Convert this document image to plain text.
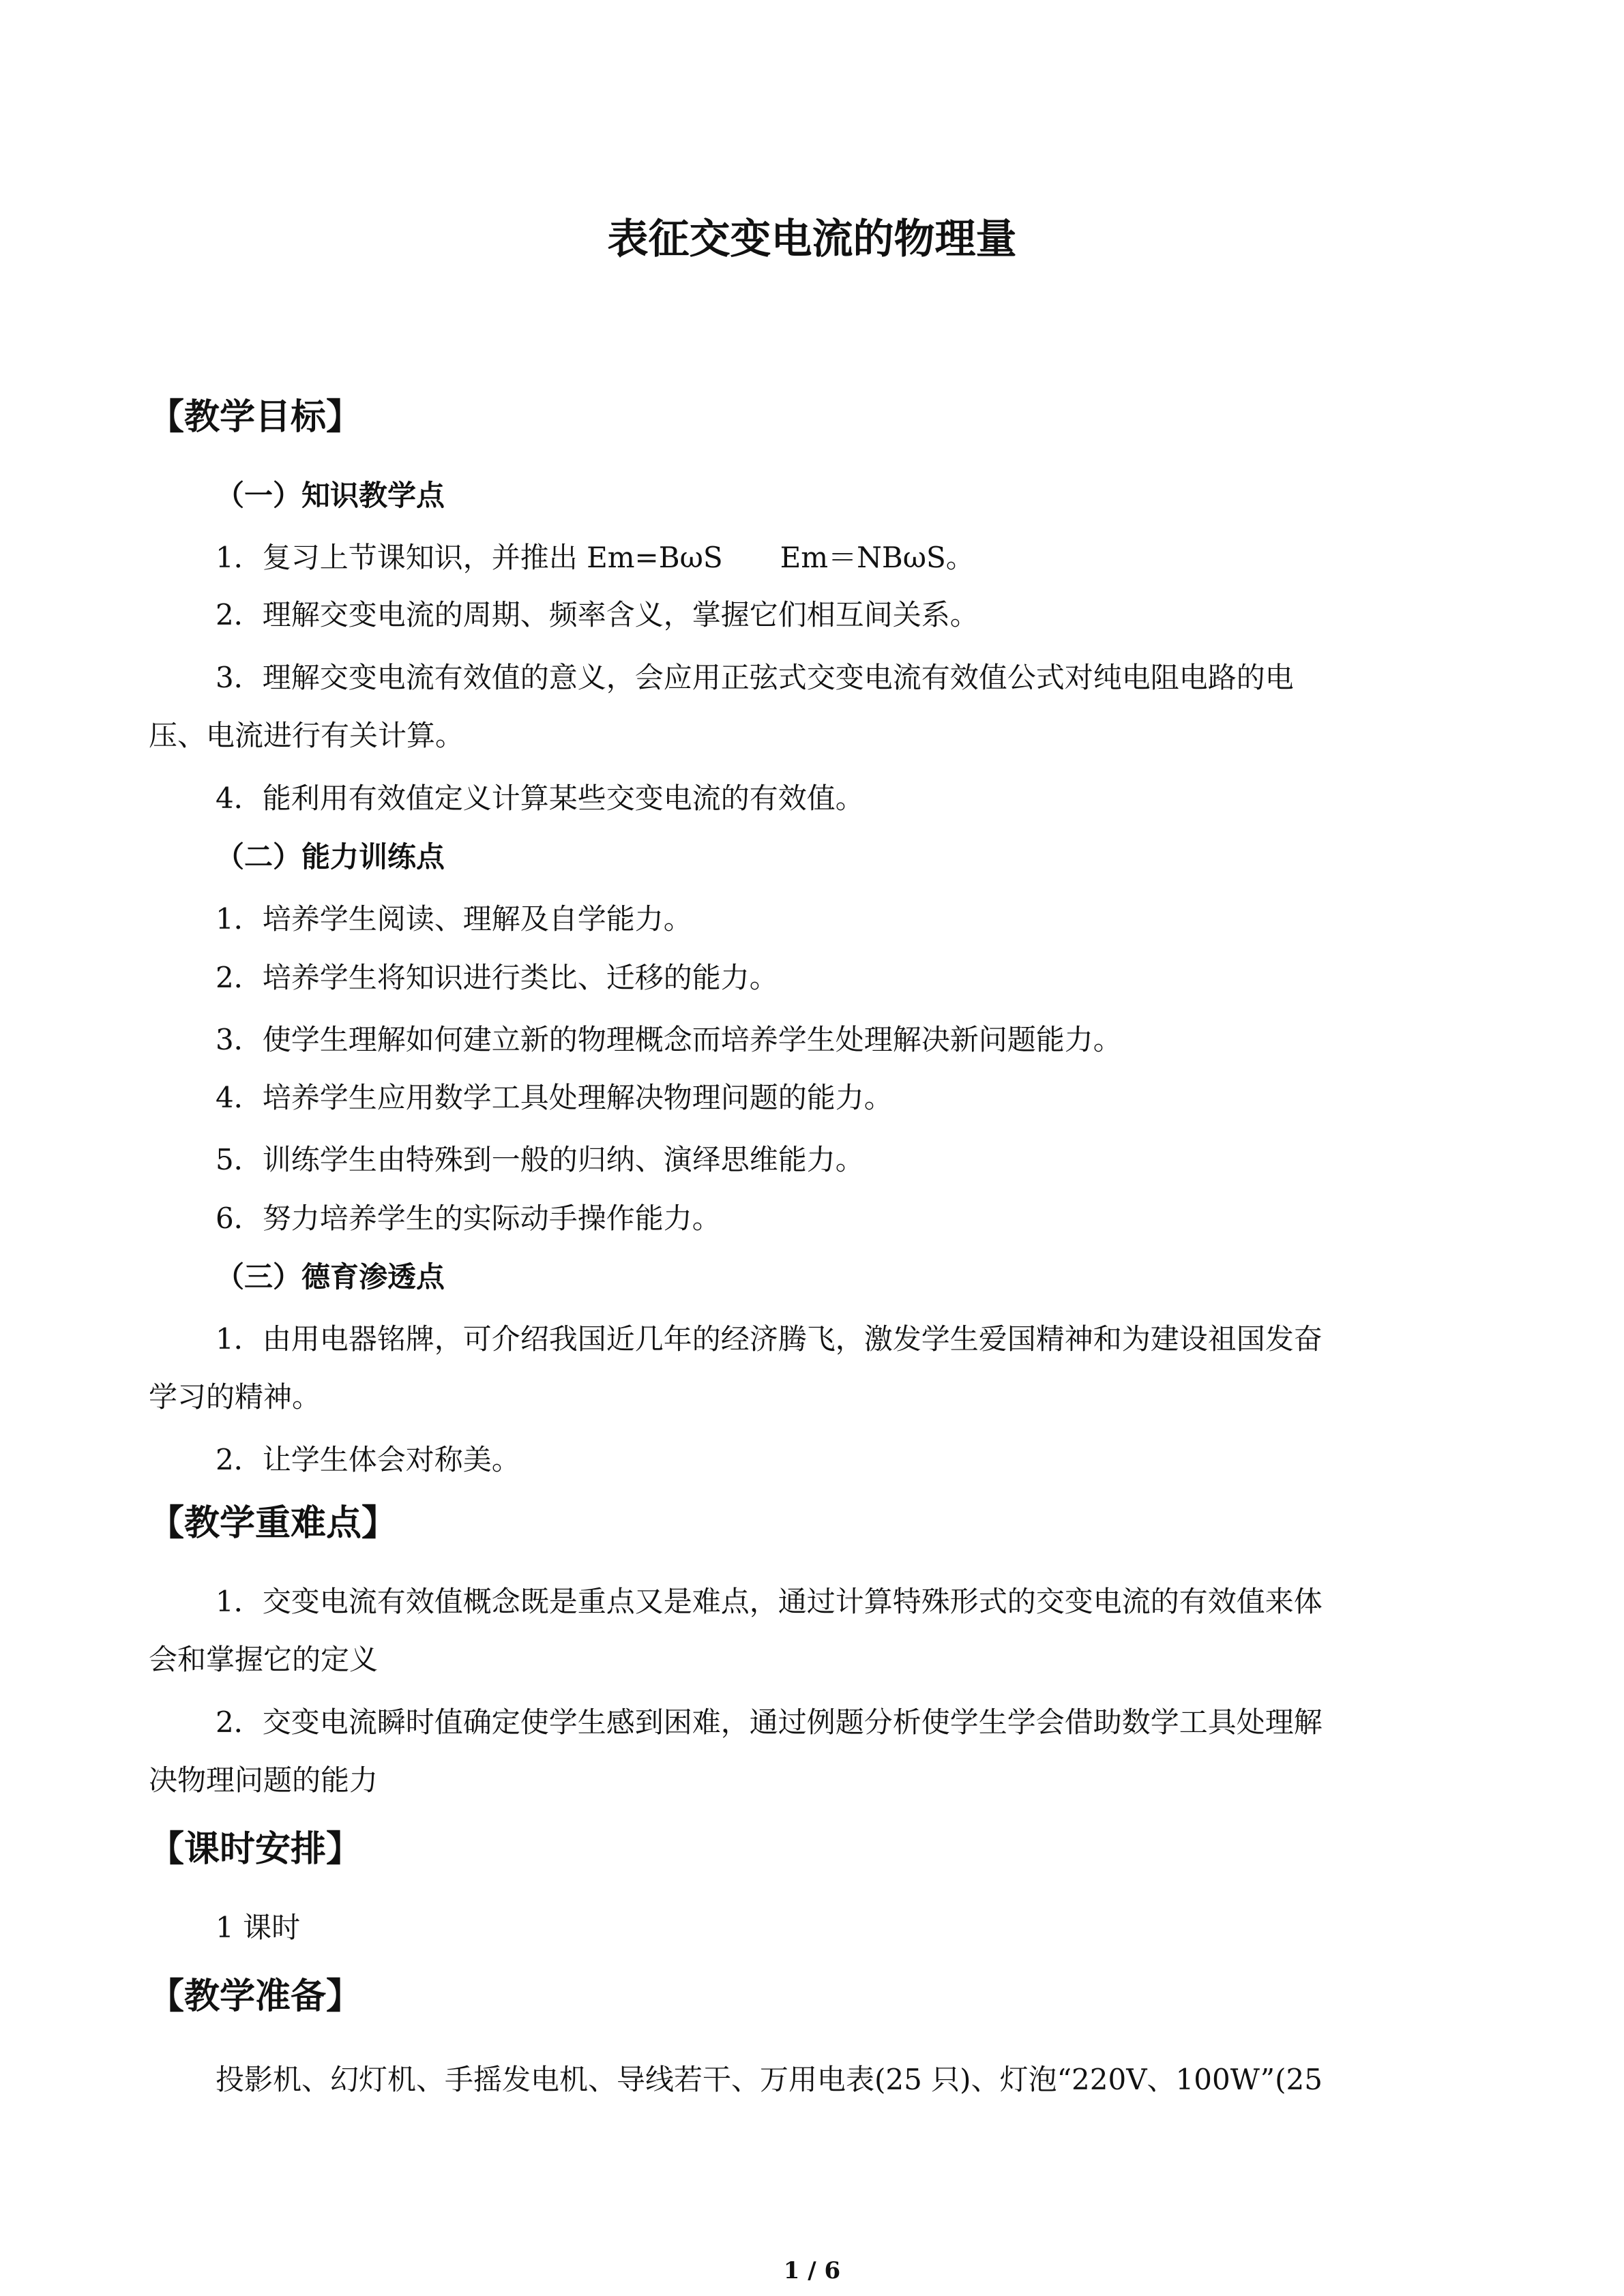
表征交变电流的物理量
【教学目标】
（一）知识教学点
1．复习上节课知识，并推出 Em=BωS　　Em＝NBωS。
2．理解交变电流的周期、频率含义，掌握它们相互间关系。
3．理解交变电流有效值的意义，会应用正弦式交变电流有效值公式对纯电阻电路的电
压、电流进行有关计算。
4．能利用有效值定义计算某些交变电流的有效值。
（二）能力训练点
1．培养学生阅读、理解及自学能力。
2．培养学生将知识进行类比、迁移的能力。
3．使学生理解如何建立新的物理概念而培养学生处理解决新问题能力。
4．培养学生应用数学工具处理解决物理问题的能力。
5．训练学生由特殊到一般的归纳、演绎思维能力。
6．努力培养学生的实际动手操作能力。
（三）德育渗透点
1．由用电器铭牌，可介绍我国近几年的经济腾飞，激发学生爱国精神和为建设祖国发奋
学习的精神。
2．让学生体会对称美。
【教学重难点】
1．交变电流有效值概念既是重点又是难点，通过计算特殊形式的交变电流的有效值来体
会和掌握它的定义
2．交变电流瞬时值确定使学生感到困难，通过例题分析使学生学会借助数学工具处理解
决物理问题的能力
【课时安排】
1 课时
【教学准备】
投影机、幻灯机、手摇发电机、导线若干、万用电表(25 只)、灯泡“220V、100W”(25
1 / 6
